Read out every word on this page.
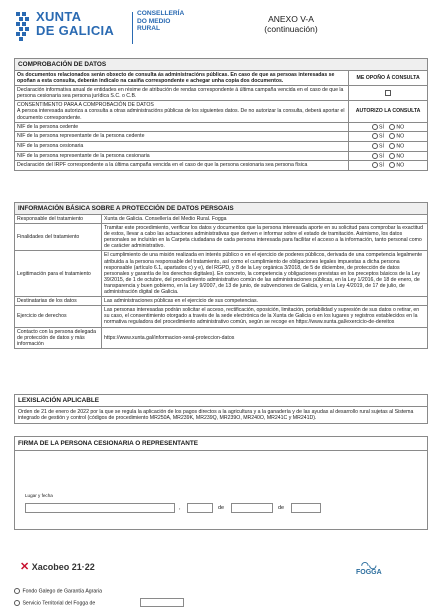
XUNTA
DE GALICIA
CONSELLERÍA
DO MEDIO
RURAL
ANEXO V-A
(continuación)
COMPROBACIÓN DE DATOS
Os documentos relacionados serán obxecto de consulta ás administracións públicas. En caso de que as persoas interesadas se opoñan a esta consulta, deberán indicalo na casiña correspondente e achegar unha copia dos documentos.	ME OPOÑO Á CONSULTA
Declaración informativa anual de entidades en réxime de atribución de rendas correspondente á última campaña vencida en el caso de que la persona cesionaria sea persona jurídica S.C. o C.B.	

CONSENTIMENTO PARA A COMPROBACIÓN DE DATOS
A persoa interesada autoriza a consulta a otras administracións públicas de los siguientes datos. De no autorizar la consulta, deberá aportar el documento correspondente.	AUTORIZO LA CONSULTA
NIF de la persona cedente	SÍ NO
NIF de la persona representante de la persona cedente	SÍ NO
NIF de la persona cesionaria	SÍ NO
NIF de la persona representante de la persona cesionaria	SÍ NO
Declaración del IRPF correspondente a la última campaña vencida en el caso de que la persona cesionaria sea persona física	SÍ NO
INFORMACIÓN BÁSICA SOBRE A PROTECCIÓN DE DATOS PERSOAIS
Responsable del tratamiento	Xunta de Galicia. Consellería del Medio Rural. Fogga
Finalidades del tratamiento	Tramitar este procedimiento, verificar los datos y documentos que la persona interesada aporte en su solicitud para comprobar la exactitud de estos, llevar a cabo las actuaciones administrativas que deriven e informar sobre el estado de tramitación. Asimismo, los datos personales se incluirán en la Carpeta ciudadana de cada persona interesada para facilitar el acceso a la información, tanto personal como de carácter administrativo.
Legitimación para el tratamiento	El cumplimiento de una misión realizada en interés público o en el ejercicio de poderes públicos, derivada de una competencia legalmente atribuida a la persona responsable del tratamiento, así como el cumplimiento de obligaciones legales impuestas a dicha persona responsable (artículo 6.1, apartados c) y e), del RGPD, y 8 de la Ley orgánica 3/2018, de 5 de diciembre, de protección de datos personales y garantía de los derechos digitales). En concreto, la competencia y obligaciones previstas en los preceptos básicos de la Ley 39/2015, de 1 de octubre, del procedimiento administrativo común de las administraciones públicas, en la Ley 1/2016, de 18 de enero, de transparencia y buen gobierno, en la Ley 9/2007, de 13 de junio, de subvenciones de Galicia, y en la Ley 4/2019, de 17 de julio, de administración digital de Galicia.
Destinatarias de los datos	Las administraciones públicas en el ejercicio de sus competencias.
Ejercicio de derechos	Las personas interesadas podrán solicitar el acceso, rectificación, oposición, limitación, portabilidad y supresión de sus datos o retirar, en su caso, el consentimiento otorgado a través de la sede electrónica de la Xunta de Galicia o en los lugares y registros establecidos en la normativa reguladora del procedimiento administrativo común, según se recoge en https://www.xunta.gal/exercicio-de-dereitos
Contacto con la persona delegada de protección de datos y más información	https://www.xunta.gal/informacion-xeral-proteccion-datos
LEXISLACIÓN APLICABLE
Orden de 21 de enero de 2022 por la que se regula la aplicación de los pagos directos a la agricultura y a la ganadería y de las ayudas al desarrollo rural sujetas al Sistema integrado de gestión y control (códigos de procedimiento MR250A, MR239K, MR239Q, MR239O, MR240O, MR241C y MR241D).
FIRMA DE LA PERSONA CESIONARIA O REPRESENTANTE
Lugar y fecha
,	de	de
✕ Xacobeo 21·22	◠◡
FOGGA
Fondo Galego de Garantía Agraria
Servicio Territorial del Fogga de
